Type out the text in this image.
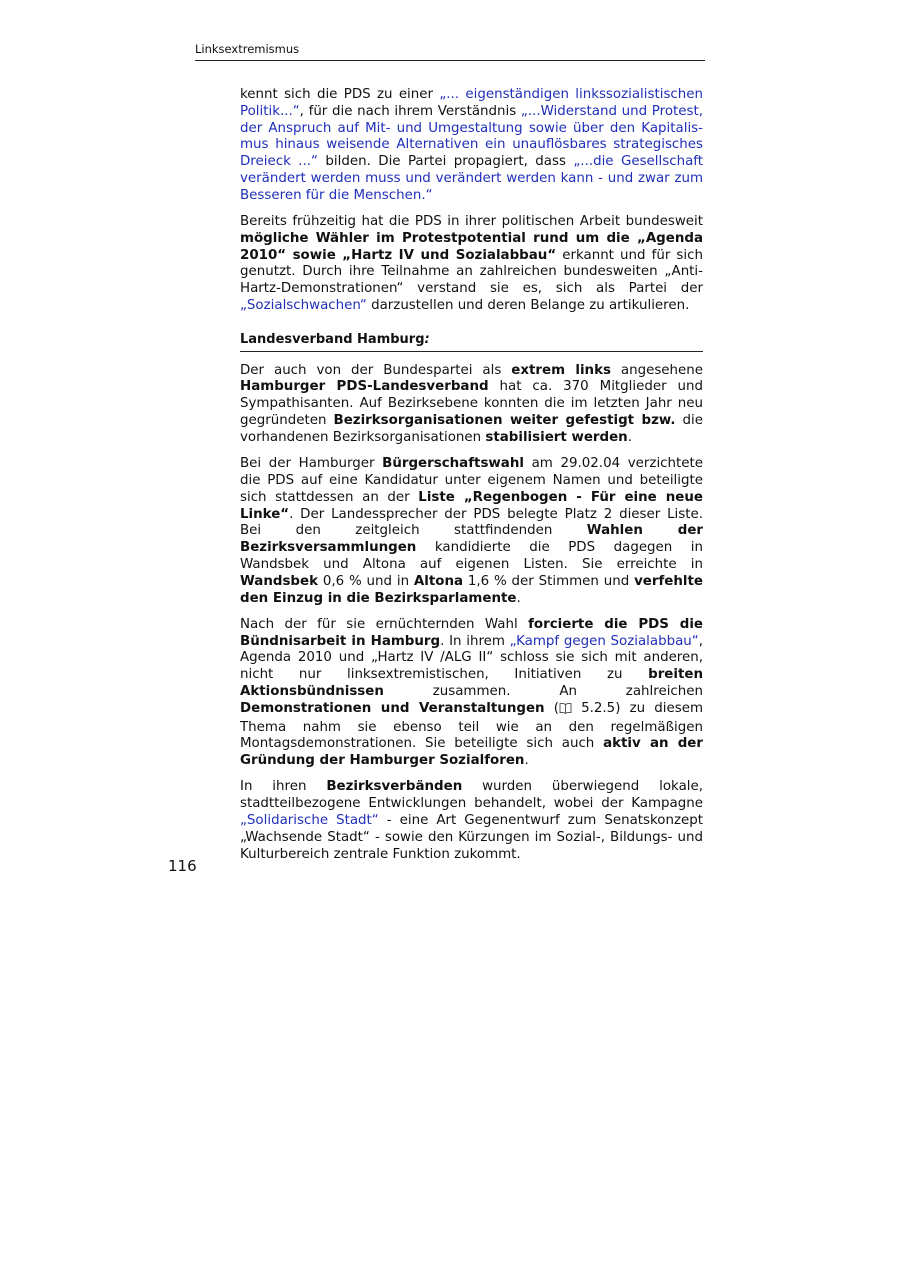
Linksextremismus

kennt sich die PDS zu einer „... eigenständigen linkssozialistischen Politik...“, für die nach ihrem Verständnis „...Widerstand und Protest, der Anspruch auf Mit- und Umgestaltung sowie über den Kapitalismus hinaus weisende Alternativen ein unauflösbares strategisches Dreieck ...“ bilden. Die Partei propagiert, dass „...die Gesellschaft verändert werden muss und verändert werden kann - und zwar zum Besseren für die Menschen.“

Bereits frühzeitig hat die PDS in ihrer politischen Arbeit bundesweit mögliche Wähler im Protestpotential rund um die „Agenda 2010“ sowie „Hartz IV und Sozialabbau“ erkannt und für sich genutzt. Durch ihre Teilnahme an zahlreichen bundesweiten „Anti-Hartz-Demonstrationen“ verstand sie es, sich als Partei der „Sozialschwachen“ darzustellen und deren Belange zu artikulieren.

Landesverband Hamburg:

Der auch von der Bundespartei als extrem links angesehene Hamburger PDS-Landesverband hat ca. 370 Mitglieder und Sympathisanten. Auf Bezirksebene konnten die im letzten Jahr neu gegründeten Bezirksorganisationen weiter gefestigt bzw. die vorhandenen Bezirksorganisationen stabilisiert werden.

Bei der Hamburger Bürgerschaftswahl am 29.02.04 verzichtete die PDS auf eine Kandidatur unter eigenem Namen und beteiligte sich stattdessen an der Liste „Regenbogen - Für eine neue Linke“. Der Landessprecher der PDS belegte Platz 2 dieser Liste. Bei den zeitgleich stattfindenden Wahlen der Bezirksversammlungen kandidierte die PDS dagegen in Wandsbek und Altona auf eigenen Listen. Sie erreichte in Wandsbek 0,6 % und in Altona 1,6 % der Stimmen und verfehlte den Einzug in die Bezirksparlamente.

Nach der für sie ernüchternden Wahl forcierte die PDS die Bündnisarbeit in Hamburg. In ihrem „Kampf gegen Sozialabbau“, Agenda 2010 und „Hartz IV /ALG II“ schloss sie sich mit anderen, nicht nur linksextremistischen, Initiativen zu breiten Aktionsbündnissen zusammen. An zahlreichen Demonstrationen und Veranstaltungen ( 5.2.5) zu diesem Thema nahm sie ebenso teil wie an den regelmäßigen Montagsdemonstrationen. Sie beteiligte sich auch aktiv an der Gründung der Hamburger Sozialforen.

In ihren Bezirksverbänden wurden überwiegend lokale, stadtteilbezogene Entwicklungen behandelt, wobei der Kampagne „Solidarische Stadt“ - eine Art Gegenentwurf zum Senatskonzept „Wachsende Stadt“ - sowie den Kürzungen im Sozial-, Bildungs- und Kulturbereich zentrale Funktion zukommt.

116
